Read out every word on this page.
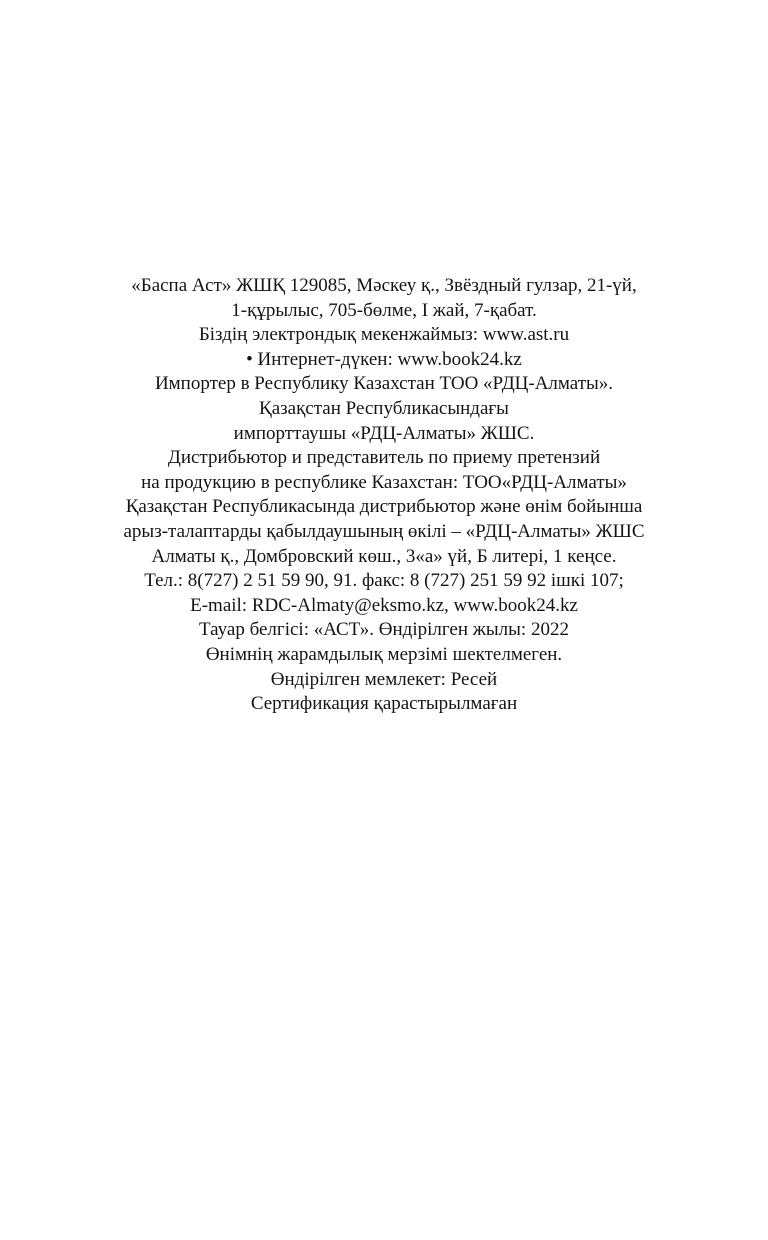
«Баспа Аст» ЖШҚ 129085, Мәскеу қ., Звёздный гулзар, 21-үй,
1-құрылыс, 705-бөлме, I жай, 7-қабат.
Біздің электрондық мекенжаймыз: www.ast.ru
• Интернет-дүкен: www.book24.kz
Импортер в Республику Казахстан ТОО «РДЦ-Алматы».
Қазақстан Республикасындағы
импорттаушы «РДЦ-Алматы» ЖШС.
Дистрибьютор и представитель по приему претензий
на продукцию в республике Казахстан: ТОО«РДЦ-Алматы»
Қазақстан Республикасында дистрибьютор және өнім бойынша
арыз-талаптарды қабылдаушының өкілі – «РДЦ-Алматы» ЖШС
Алматы қ., Домбровский көш., 3«а» үй, Б литері, 1 кеңсе.
Тел.: 8(727) 2 51 59 90, 91. факс: 8 (727) 251 59 92 ішкі 107;
E-mail: RDC-Almaty@eksmo.kz, www.book24.kz
Тауар белгісі: «АСТ». Өндірілген жылы: 2022
Өнімнің жарамдылық мерзімі шектелмеген.
Өндірілген мемлекет: Ресей
Сертификация қарастырылмаған
